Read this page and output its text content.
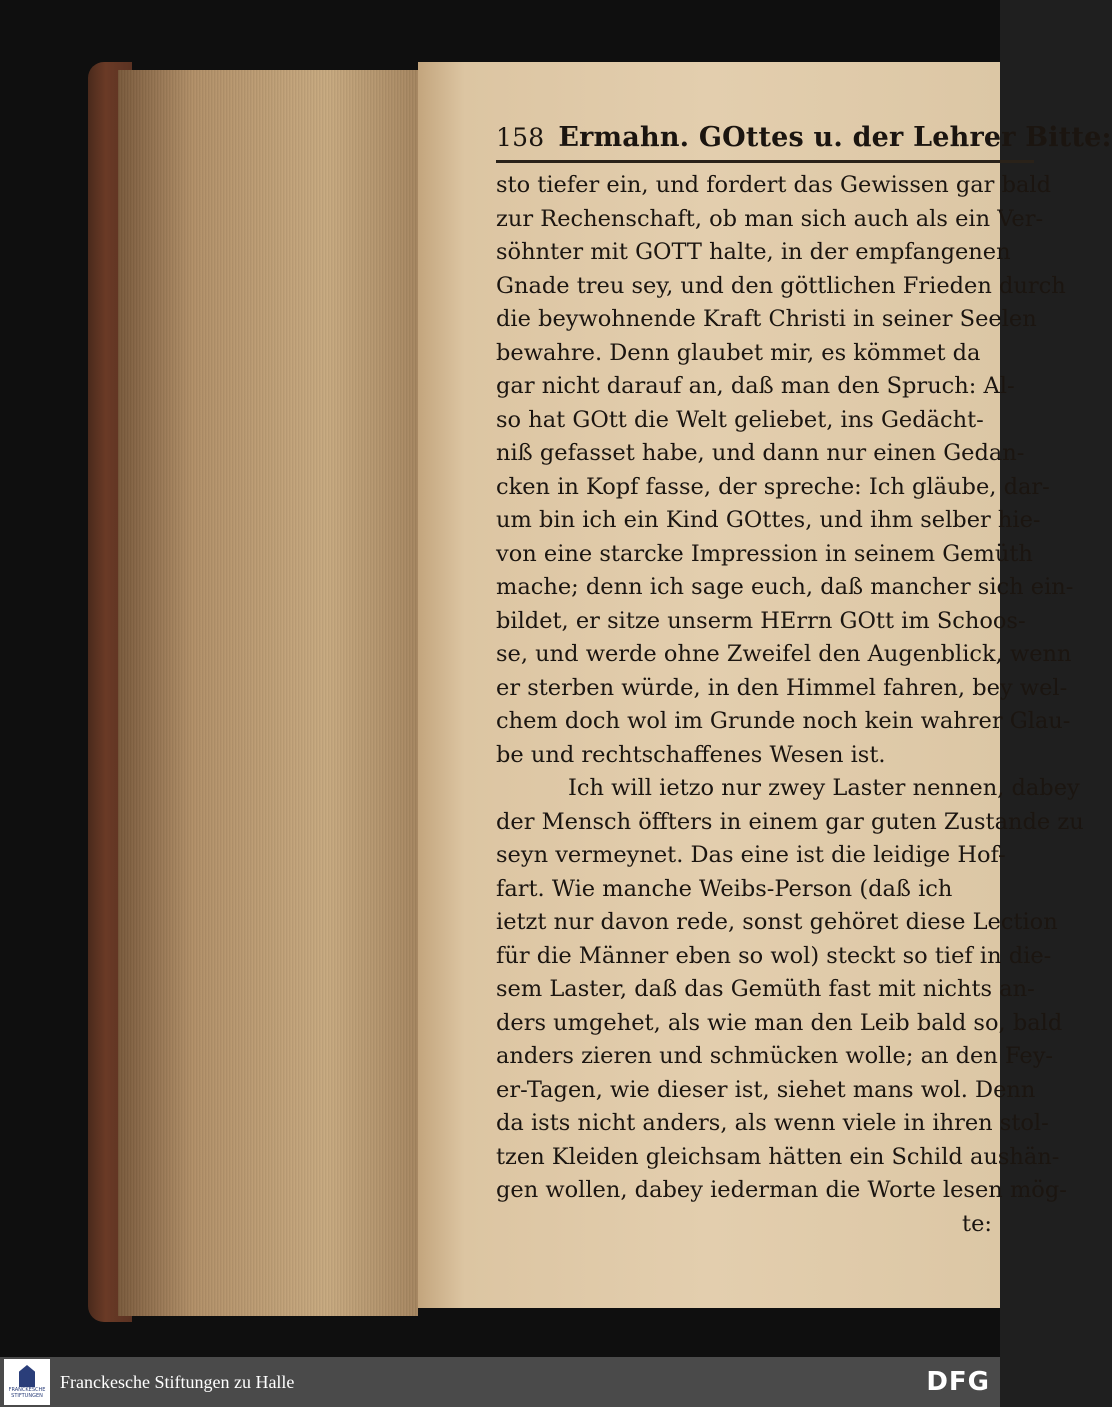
158 Ermahn. GOttes u. der Lehrer Bitte:
sto tiefer ein, und fordert das Gewissen gar bald
zur Rechenschaft, ob man sich auch als ein Ver-
söhnter mit GOTT halte, in der empfangenen
Gnade treu sey, und den göttlichen Frieden durch
die beywohnende Kraft Christi in seiner Seelen
bewahre. Denn glaubet mir, es kömmet da
gar nicht darauf an, daß man den Spruch: Al-
so hat GOtt die Welt geliebet, ins Gedächt-
niß gefasset habe, und dann nur einen Gedan-
cken in Kopf fasse, der spreche: Ich gläube, dar-
um bin ich ein Kind GOttes, und ihm selber hie-
von eine starcke Impression in seinem Gemüth
mache; denn ich sage euch, daß mancher sich ein-
bildet, er sitze unserm HErrn GOtt im Schoos-
se, und werde ohne Zweifel den Augenblick, wenn
er sterben würde, in den Himmel fahren, bey wel-
chem doch wol im Grunde noch kein wahrer Glau-
be und rechtschaffenes Wesen ist.
Ich will ietzo nur zwey Laster nennen, dabey
der Mensch öffters in einem gar guten Zustande zu
seyn vermeynet. Das eine ist die leidige Hof-
fart. Wie manche Weibs-Person (daß ich
ietzt nur davon rede, sonst gehöret diese Lection
für die Männer eben so wol) steckt so tief in die-
sem Laster, daß das Gemüth fast mit nichts an-
ders umgehet, als wie man den Leib bald so, bald
anders zieren und schmücken wolle; an den Fey-
er-Tagen, wie dieser ist, siehet mans wol. Denn
da ists nicht anders, als wenn viele in ihren stol-
tzen Kleiden gleichsam hätten ein Schild aushän-
gen wollen, dabey iederman die Worte lesen mög-
te:
FRANCKESCHE STIFTUNGEN
Franckesche Stiftungen zu Halle	DFG
